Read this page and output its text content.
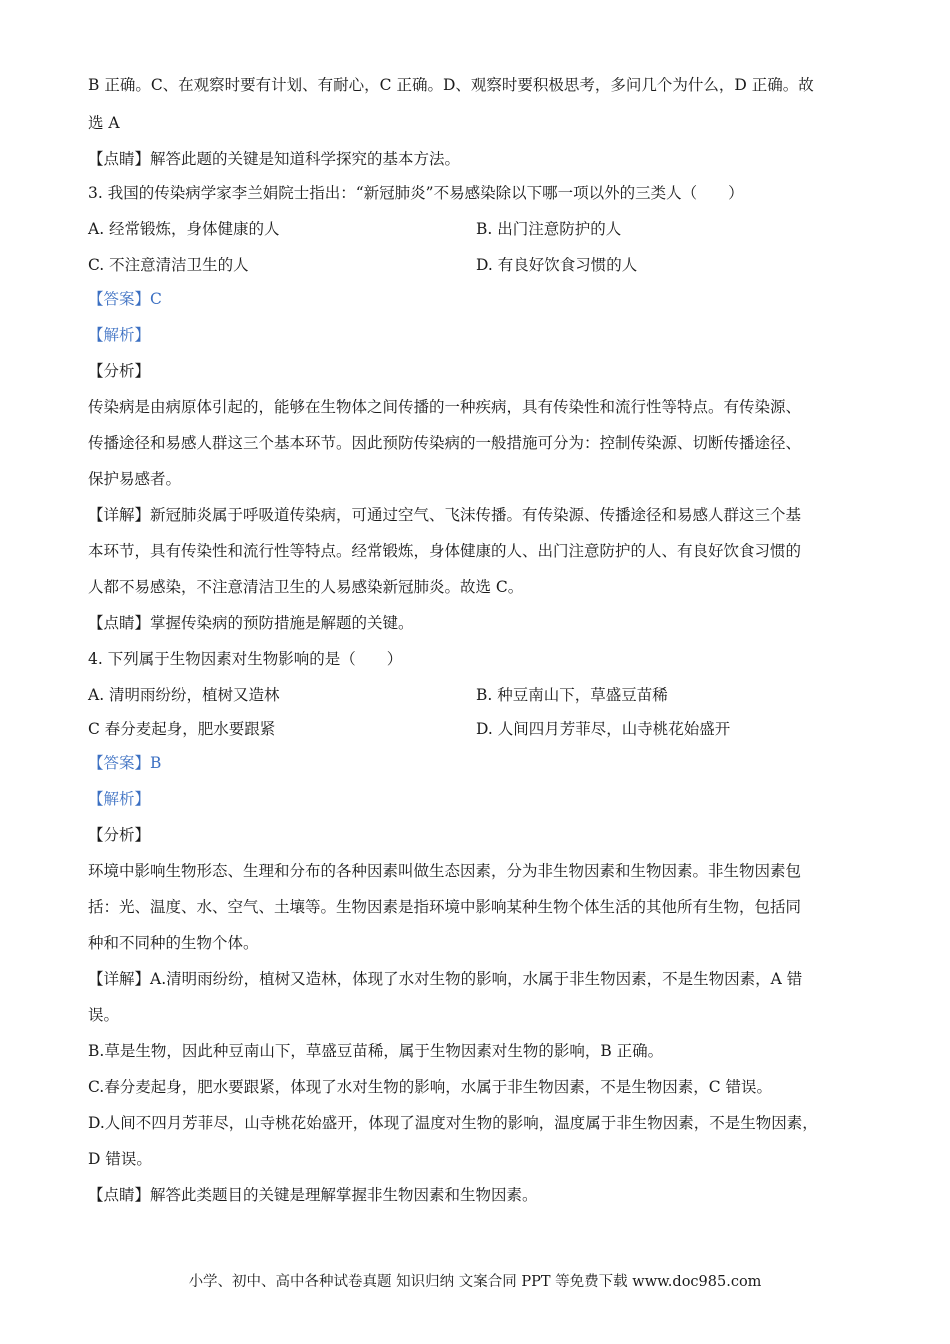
B 正确。C、在观察时要有计划、有耐心，C 正确。D、观察时要积极思考，多问几个为什么，D 正确。故
选 A
【点睛】解答此题的关键是知道科学探究的基本方法。
3. 我国的传染病学家李兰娟院士指出：“新冠肺炎”不易感染除以下哪一项以外的三类人（　　）
A. 经常锻炼，身体健康的人	B. 出门注意防护的人
C. 不注意清洁卫生的人	D. 有良好饮食习惯的人
【答案】C
【解析】
【分析】
传染病是由病原体引起的，能够在生物体之间传播的一种疾病，具有传染性和流行性等特点。有传染源、
传播途径和易感人群这三个基本环节。因此预防传染病的一般措施可分为：控制传染源、切断传播途径、
保护易感者。
【详解】新冠肺炎属于呼吸道传染病，可通过空气、飞沫传播。有传染源、传播途径和易感人群这三个基
本环节，具有传染性和流行性等特点。经常锻炼，身体健康的人、出门注意防护的人、有良好饮食习惯的
人都不易感染，不注意清洁卫生的人易感染新冠肺炎。故选 C。
【点睛】掌握传染病的预防措施是解题的关键。
4. 下列属于生物因素对生物影响的是（　　）
A. 清明雨纷纷，植树又造林	B. 种豆南山下，草盛豆苗稀
C 春分麦起身，肥水要跟紧	D. 人间四月芳菲尽，山寺桃花始盛开
【答案】B
【解析】
【分析】
环境中影响生物形态、生理和分布的各种因素叫做生态因素，分为非生物因素和生物因素。非生物因素包
括：光、温度、水、空气、土壤等。生物因素是指环境中影响某种生物个体生活的其他所有生物，包括同
种和不同种的生物个体。
【详解】A.清明雨纷纷，植树又造林，体现了水对生物的影响，水属于非生物因素，不是生物因素，A 错
误。
B.草是生物，因此种豆南山下，草盛豆苗稀，属于生物因素对生物的影响，B 正确。
C.春分麦起身，肥水要跟紧，体现了水对生物的影响，水属于非生物因素，不是生物因素，C 错误。
D.人间不四月芳菲尽，山寺桃花始盛开，体现了温度对生物的影响，温度属于非生物因素，不是生物因素，
D 错误。
【点睛】解答此类题目的关键是理解掌握非生物因素和生物因素。
小学、初中、高中各种试卷真题 知识归纳 文案合同 PPT 等免费下载 www.doc985.com
